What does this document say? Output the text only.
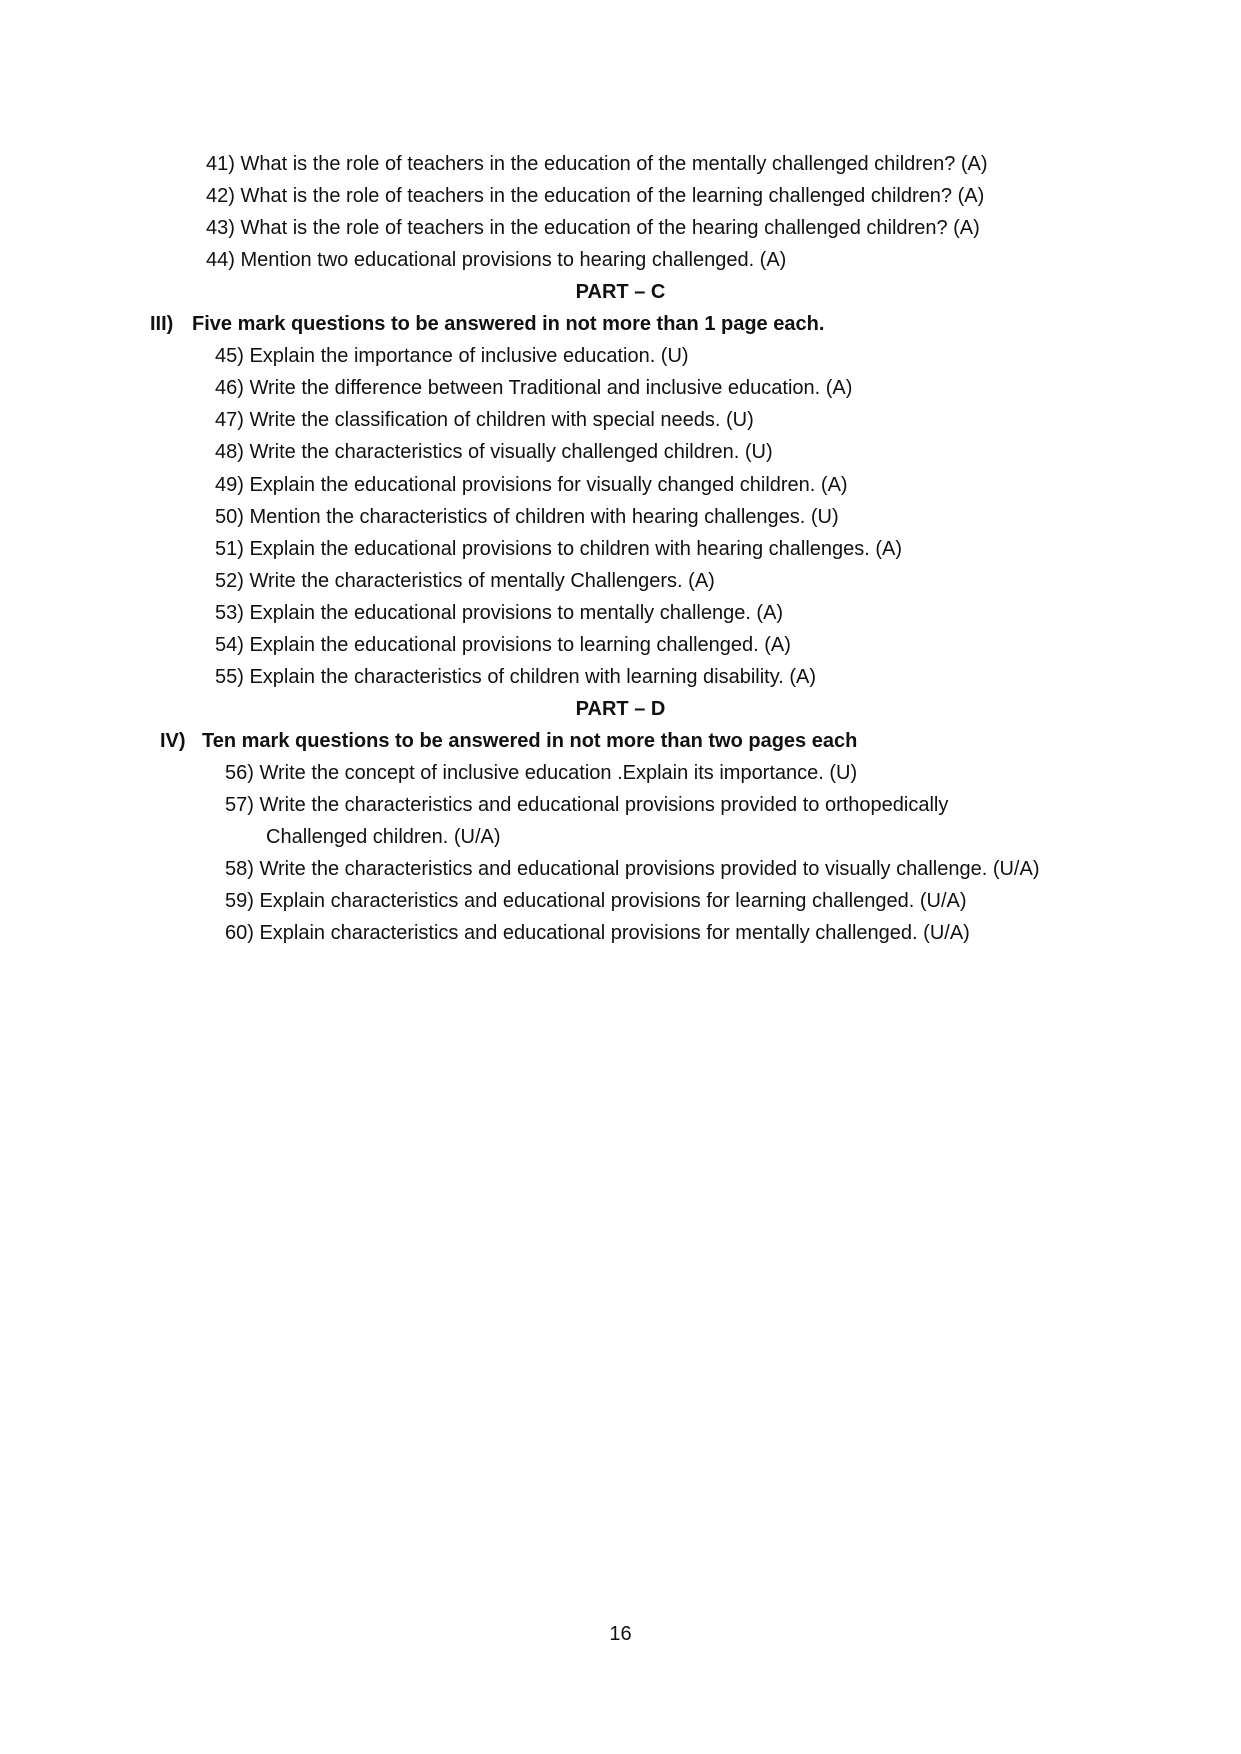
41) What is the role of teachers in the education of the mentally challenged children? (A)
42) What is the role of teachers in the education of the learning challenged children? (A)
43) What is the role of teachers in the education of the hearing challenged children? (A)
44) Mention two educational provisions to hearing challenged. (A)
PART – C
III) Five mark questions to be answered in not more than 1 page each.
45) Explain the importance of inclusive education. (U)
46) Write the difference between Traditional and inclusive education. (A)
47) Write the classification of children with special needs. (U)
48) Write the characteristics of visually challenged children. (U)
49) Explain the educational provisions for visually changed children. (A)
50) Mention the characteristics of children with hearing challenges. (U)
51) Explain the educational provisions to children with hearing challenges. (A)
52) Write the characteristics of mentally Challengers. (A)
53) Explain the educational provisions to mentally challenge. (A)
54) Explain the educational provisions to learning challenged. (A)
55) Explain the characteristics of children with learning disability. (A)
PART – D
IV) Ten mark questions to be answered in not more than two pages each
56) Write the concept of inclusive education .Explain its importance. (U)
57) Write the characteristics and educational provisions provided to orthopedically
Challenged children. (U/A)
58) Write the characteristics and educational provisions provided to visually challenge. (U/A)
59) Explain characteristics and educational provisions for learning challenged. (U/A)
60) Explain characteristics and educational provisions for mentally challenged. (U/A)
16
